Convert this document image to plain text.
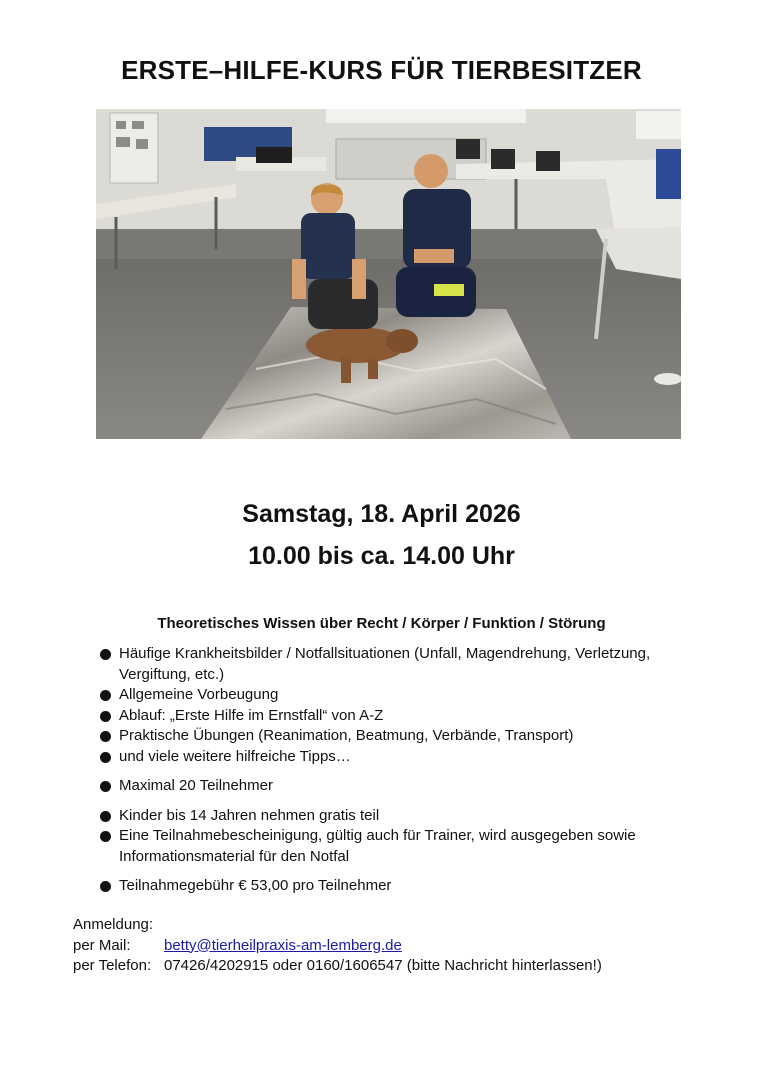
ERSTE–HILFE-KURS FÜR TIERBESITZER
Samstag, 18. April 2026
10.00 bis ca. 14.00 Uhr
Theoretisches Wissen über Recht / Körper / Funktion / Störung
Häufige Krankheitsbilder / Notfallsituationen (Unfall, Magendrehung, Verletzung, Vergiftung, etc.)
Allgemeine Vorbeugung
Ablauf: „Erste Hilfe im Ernstfall“ von A-Z
Praktische Übungen (Reanimation, Beatmung, Verbände, Transport)
und viele weitere hilfreiche Tipps…
Maximal 20 Teilnehmer
Kinder bis 14 Jahren nehmen gratis teil
Eine Teilnahmebescheinigung, gültig auch für Trainer, wird ausgegeben sowie Informationsmaterial für den Notfal
Teilnahmegebühr € 53,00 pro Teilnehmer
Anmeldung:
per Mail:	betty@tierheilpraxis-am-lemberg.de
per Telefon: 07426/4202915 oder 0160/1606547 (bitte Nachricht hinterlassen!)
